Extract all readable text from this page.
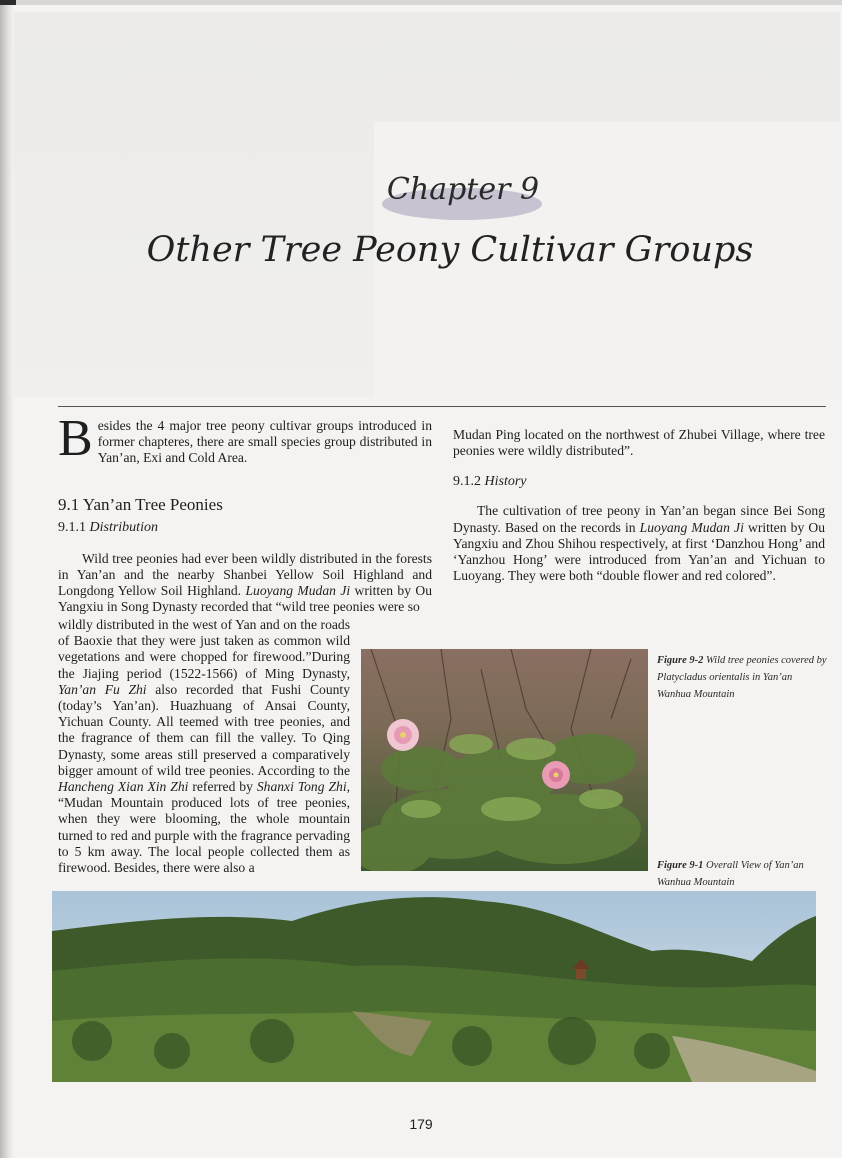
Chapter 9
Other Tree Peony Cultivar Groups

Besides the 4 major tree peony cultivar groups introduced in former chapteres, there are small species group distributed in Yan’an, Exi and Cold Area.

9.1 Yan’an Tree Peonies
9.1.1 Distribution

Wild tree peonies had ever been wildly distributed in the forests in Yan’an and the nearby Shanbei Yellow Soil Highland and Longdong Yellow Soil Highland. Luoyang Mudan Ji written by Ou Yangxiu in Song Dynasty recorded that “wild tree peonies were so

wildly distributed in the west of Yan and on the roads of Baoxie that they were just taken as common wild vegetations and were chopped for firewood.”During the Jiajing period (1522-1566) of Ming Dynasty, Yan’an Fu Zhi also recorded that Fushi County (today’s Yan’an). Huazhuang of Ansai County, Yichuan County. All teemed with tree peonies, and the fragrance of them can fill the valley. To Qing Dynasty, some areas still preserved a comparatively bigger amount of wild tree peonies. According to the Hancheng Xian Xin Zhi referred by Shanxi Tong Zhi, “Mudan Mountain produced lots of tree peonies, when they were blooming, the whole mountain turned to red and purple with the fragrance pervading to 5 km away. The local people collected them as firewood. Besides, there were also a

Mudan Ping located on the northwest of Zhubei Village, where tree peonies were wildly distributed”.

9.1.2 History

The cultivation of tree peony in Yan’an began since Bei Song Dynasty. Based on the records in Luoyang Mudan Ji written by Ou Yangxiu and Zhou Shihou respectively, at first ‘Danzhou Hong’ and ‘Yanzhou Hong’ were introduced from Yan’an and Yichuan to Luoyang. They were both “double flower and red colored”.

Figure 9-2 Wild tree peonies covered by Platycladus orientalis in Yan’an Wanhua Mountain
Figure 9-1 Overall View of Yan’an Wanhua Mountain
179
